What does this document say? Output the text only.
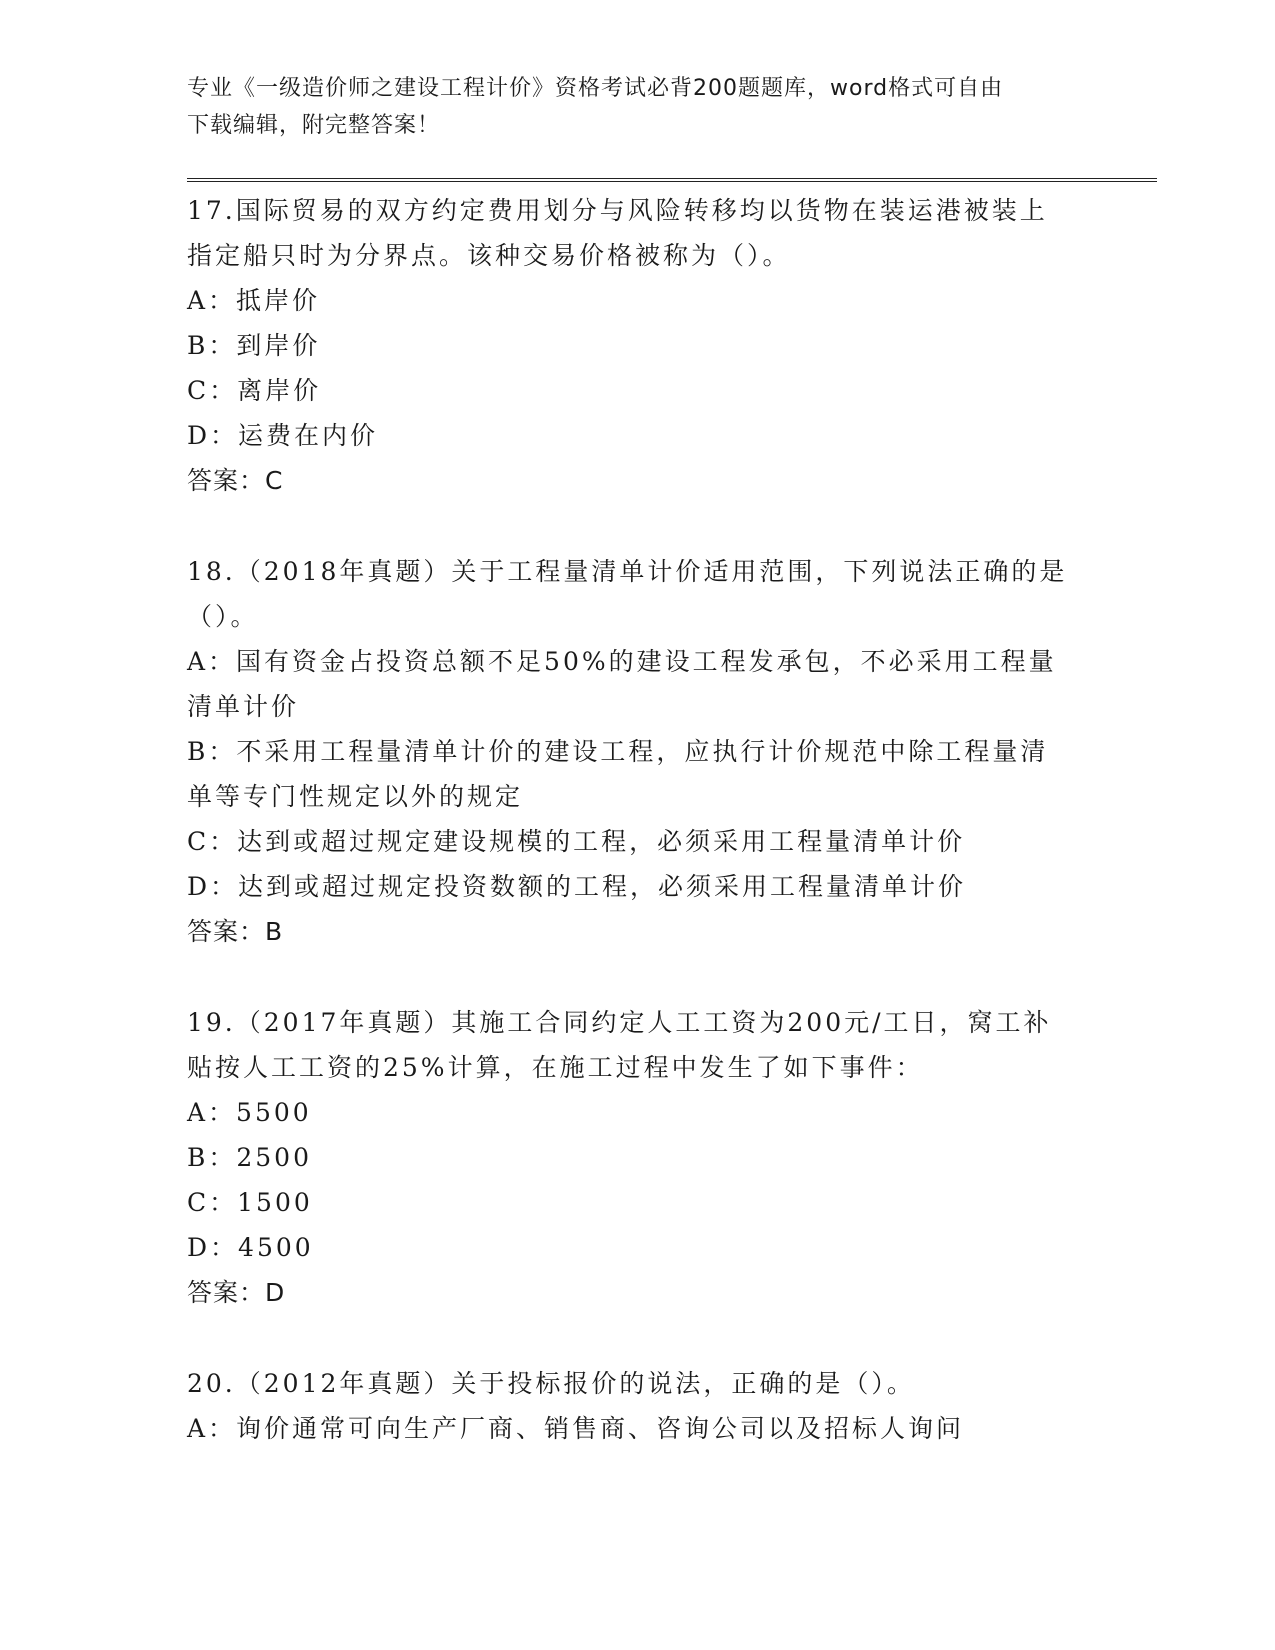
专业《一级造价师之建设工程计价》资格考试必背200题题库，word格式可自由
下载编辑，附完整答案！
17.国际贸易的双方约定费用划分与风险转移均以货物在装运港被装上
指定船只时为分界点。该种交易价格被称为（）。
A：抵岸价
B：到岸价
C：离岸价
D：运费在内价
答案：C
18.（2018年真题）关于工程量清单计价适用范围，下列说法正确的是
（）。
A：国有资金占投资总额不足50%的建设工程发承包，不必采用工程量
清单计价
B：不采用工程量清单计价的建设工程，应执行计价规范中除工程量清
单等专门性规定以外的规定
C：达到或超过规定建设规模的工程，必须采用工程量清单计价
D：达到或超过规定投资数额的工程，必须采用工程量清单计价
答案：B
19.（2017年真题）其施工合同约定人工工资为200元/工日，窝工补
贴按人工工资的25%计算，在施工过程中发生了如下事件：
A：5500
B：2500
C：1500
D：4500
答案：D
20.（2012年真题）关于投标报价的说法，正确的是（）。
A：询价通常可向生产厂商、销售商、咨询公司以及招标人询问
